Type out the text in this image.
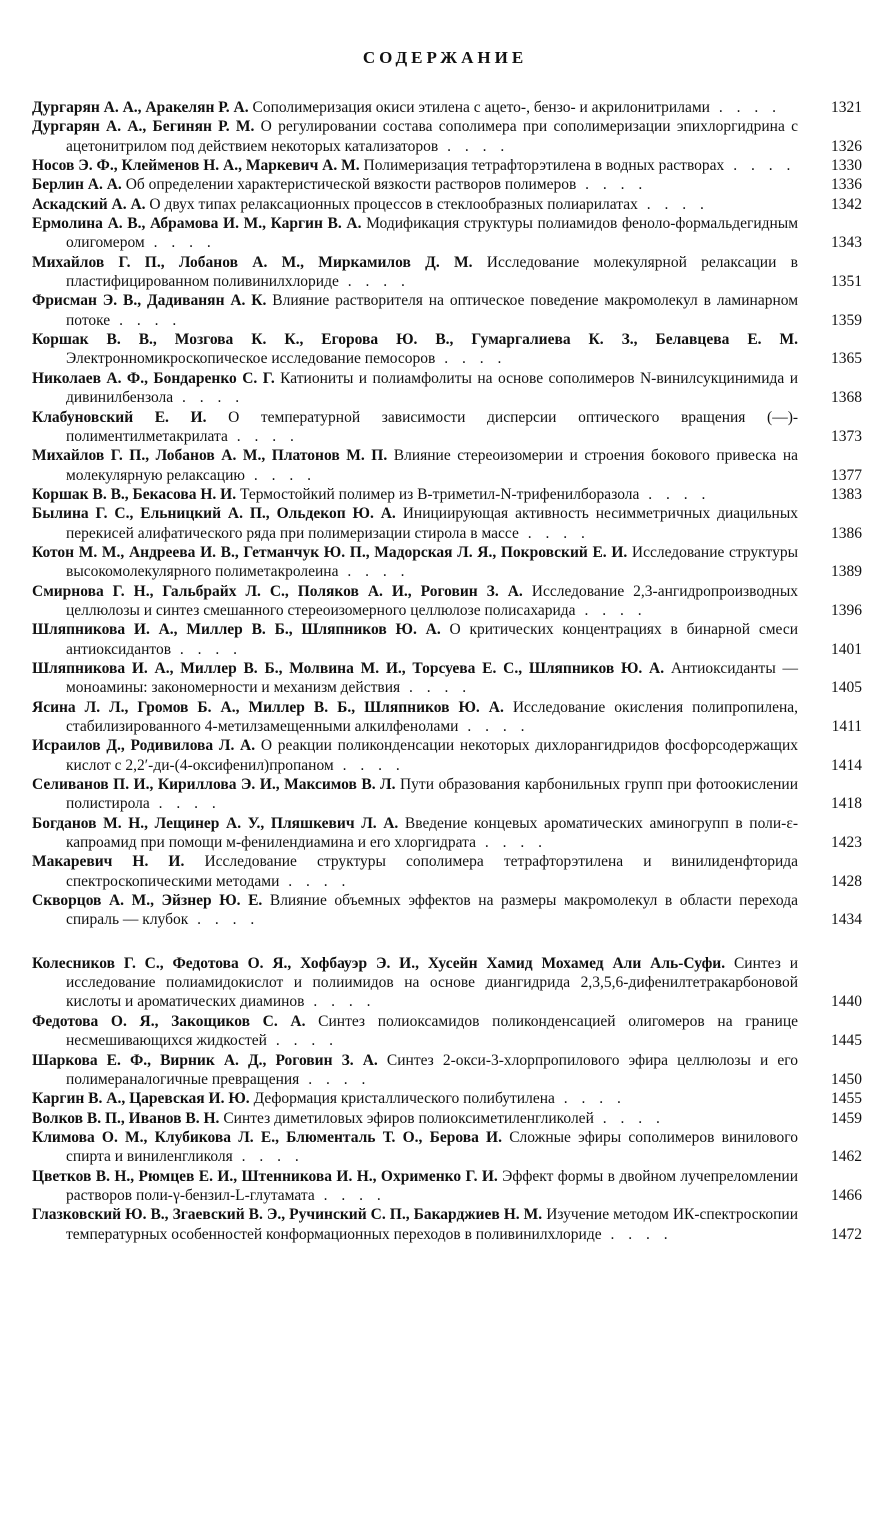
СОДЕРЖАНИЕ
Дургарян А. А., Аракелян Р. А. Сополимеризация окиси этилена с ацето-, бензо- и акрилонитрилами . . . .	1321
Дургарян А. А., Бегинян Р. М. О регулировании состава сополимера при сополимеризации эпихлоргидрина с ацетонитрилом под действием некоторых катализаторов . . . .	1326
Носов Э. Ф., Клейменов Н. А., Маркевич А. М. Полимеризация тетрафторэтилена в водных растворах . . . .	1330
Берлин А. А. Об определении характеристической вязкости растворов полимеров . . . .	1336
Аскадский А. А. О двух типах релаксационных процессов в стеклообразных полиарилатах . . . .	1342
Ермолина А. В., Абрамова И. М., Каргин В. А. Модификация структуры полиамидов феноло-формальдегидным олигомером . . . .	1343
Михайлов Г. П., Лобанов А. М., Миркамилов Д. М. Исследование молекулярной релаксации в пластифицированном поливинилхлориде . . . .	1351
Фрисман Э. В., Дадиванян А. К. Влияние растворителя на оптическое поведение макромолекул в ламинарном потоке . . . .	1359
Коршак В. В., Мозгова К. К., Егорова Ю. В., Гумаргалиева К. З., Белавцева Е. М. Электронномикроскопическое исследование пемосоров . . . .	1365
Николаев А. Ф., Бондаренко С. Г. Катиониты и полиамфолиты на основе сополимеров N-винилсукцинимида и дивинилбензола . . . .	1368
Клабуновский Е. И. О температурной зависимости дисперсии оптического вращения (—)-полиментилметакрилата . . . .	1373
Михайлов Г. П., Лобанов А. М., Платонов М. П. Влияние стереоизомерии и строения бокового привеска на молекулярную релаксацию . . . .	1377
Коршак В. В., Бекасова Н. И. Термостойкий полимер из B-триметил-N-трифенилборазола . . . .	1383
Былина Г. С., Ельницкий А. П., Ольдекоп Ю. А. Инициирующая активность несимметричных диацильных перекисей алифатического ряда при полимеризации стирола в массе . . . .	1386
Котон М. М., Андреева И. В., Гетманчук Ю. П., Мадорская Л. Я., Покровский Е. И. Исследование структуры высокомолекулярного полиметакролеина . . . .	1389
Смирнова Г. Н., Гальбрайх Л. С., Поляков А. И., Роговин З. А. Исследование 2,3-ангидропроизводных целлюлозы и синтез смешанного стереоизомерного целлюлозе полисахарида . . . .	1396
Шляпникова И. А., Миллер В. Б., Шляпников Ю. А. О критических концентрациях в бинарной смеси антиоксидантов . . . .	1401
Шляпникова И. А., Миллер В. Б., Молвина М. И., Торсуева Е. С., Шляпников Ю. А. Антиоксиданты — моноамины: закономерности и механизм действия . . . .	1405
Ясина Л. Л., Громов Б. А., Миллер В. Б., Шляпников Ю. А. Исследование окисления полипропилена, стабилизированного 4-метилзамещенными алкилфенолами . . . .	1411
Исраилов Д., Родивилова Л. А. О реакции поликонденсации некоторых дихлорангидридов фосфорсодержащих кислот с 2,2′-ди-(4-оксифенил)пропаном . . . .	1414
Селиванов П. И., Кириллова Э. И., Максимов В. Л. Пути образования карбонильных групп при фотоокислении полистирола . . . .	1418
Богданов М. Н., Лещинер А. У., Пляшкевич Л. А. Введение концевых ароматических аминогрупп в поли-ε-капроамид при помощи м-фенилендиамина и его хлоргидрата . . . .	1423
Макаревич Н. И. Исследование структуры сополимера тетрафторэтилена и винилиденфторида спектроскопическими методами . . . .	1428
Скворцов А. М., Эйзнер Ю. Е. Влияние объемных эффектов на размеры макромолекул в области перехода спираль — клубок . . . .	1434
Колесников Г. С., Федотова О. Я., Хофбауэр Э. И., Хусейн Хамид Мохамед Али Аль-Суфи. Синтез и исследование полиамидокислот и полиимидов на основе диангидрида 2,3,5,6-дифенилтетракарбоновой кислоты и ароматических диаминов . . . .	1440
Федотова О. Я., Закощиков С. А. Синтез полиоксамидов поликонденсацией олигомеров на границе несмешивающихся жидкостей . . . .	1445
Шаркова Е. Ф., Вирник А. Д., Роговин З. А. Синтез 2-окси-3-хлорпропилового эфира целлюлозы и его полимераналогичные превращения . . . .	1450
Каргин В. А., Царевская И. Ю. Деформация кристаллического полибутилена . . . .	1455
Волков В. П., Иванов В. Н. Синтез диметиловых эфиров полиоксиметиленгликолей . . . .	1459
Климова О. М., Клубикова Л. Е., Блюменталь Т. О., Берова И. Сложные эфиры сополимеров винилового спирта и виниленгликоля . . . .	1462
Цветков В. Н., Рюмцев Е. И., Штенникова И. Н., Охрименко Г. И. Эффект формы в двойном лучепреломлении растворов поли-γ-бензил-L-глутамата . . . .	1466
Глазковский Ю. В., Згаевский В. Э., Ручинский С. П., Бакарджиев Н. М. Изучение методом ИК-спектроскопии температурных особенностей конформационных переходов в поливинилхлориде . . . .	1472
